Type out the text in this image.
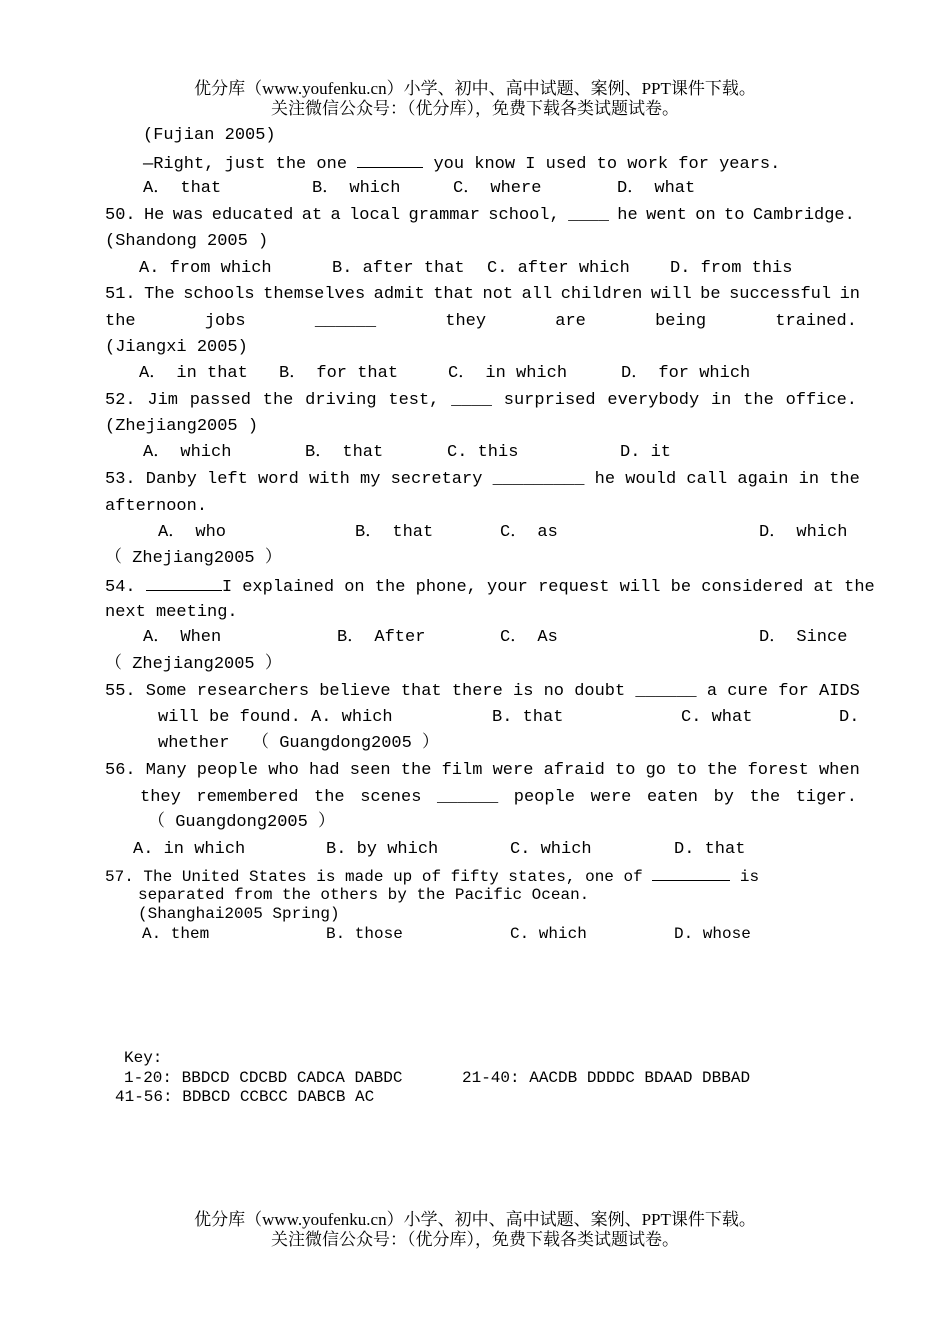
优分库（www.youfenku.cn）小学、初中、高中试题、案例、PPT课件下载。
关注微信公众号：（优分库），免费下载各类试题试卷。
(Fujian 2005)
—Right, just the one	you know I used to work for years.
A． that	B． which	C． where	D． what
50. He was educated at a local grammar school, ____ he went on to Cambridge.
(Shandong 2005 )
A. from which	B. after that C. after which D. from this
51. The schools themselves admit that not all children will be successful in
the	jobs	______	they	are	being	trained.
(Jiangxi 2005)
A． in that B． for that	C． in which	D． for which
52. Jim passed the driving test, ____ surprised everybody in the office.
(Zhejiang2005 )
A． which	B． that	C. this	D. it
53. Danby left word with my secretary _________ he would call again in the
afternoon.
A． who	B． that	C． as	D． which
（ Zhejiang2005 ）
54.	I explained on the phone, your request will be considered at the
next meeting.
A． When	B． After	C． As	D． Since
（ Zhejiang2005 ）
55. Some researchers believe that there is no doubt ______ a cure for AIDS
will be found. A. which	B. that	C. what	D.
whether （ Guangdong2005 ）
56. Many people who had seen the film were afraid to go to the forest when
they remembered the scenes ______ people were eaten by the tiger.
（ Guangdong2005 ）
A. in which	B. by which	C. which	D. that
57. The United States is made up of fifty states, one of	is
separated from the others by the Pacific Ocean.
(Shanghai2005 Spring)
A. them	B. those	C. which	D. whose
Key:
1-20: BBDCD CDCBD CADCA DABDC	21-40: AACDB DDDDC BDAAD DBBAD
41-56: BDBCD CCBCC DABCB AC
优分库（www.youfenku.cn）小学、初中、高中试题、案例、PPT课件下载。
关注微信公众号：（优分库），免费下载各类试题试卷。
